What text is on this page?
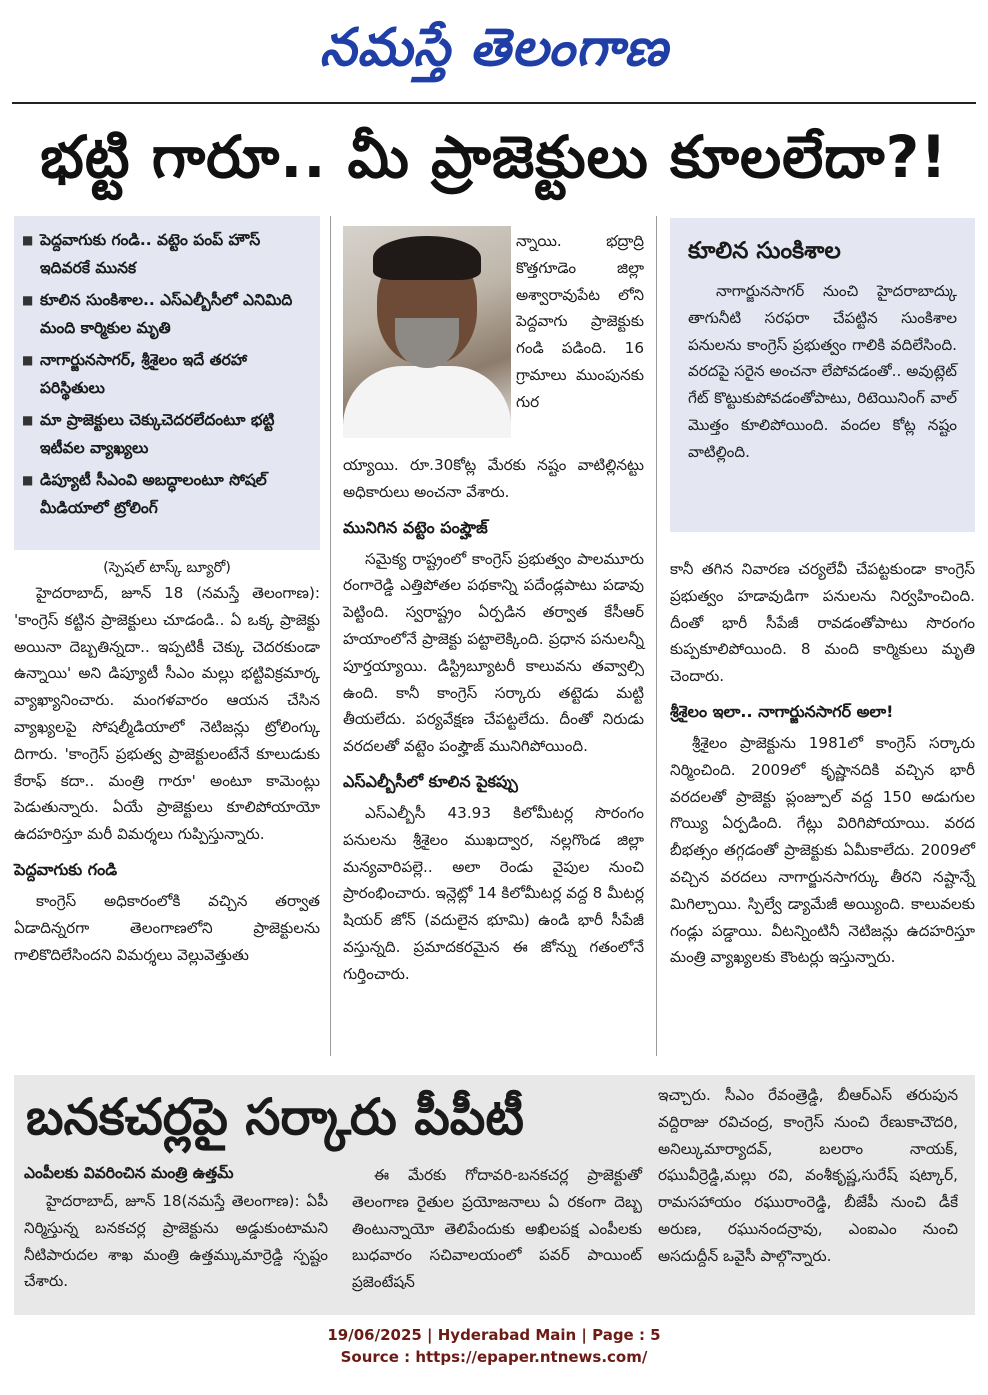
నమస్తే తెలంగాణ
భట్టి గారూ.. మీ ప్రాజెక్టులు కూలలేదా?!
■ పెద్దవాగుకు గండి.. వట్టెం పంప్ హౌస్ ఇదివరకే మునక
■ కూలిన సుంకిశాల.. ఎస్ఎల్బీసీలో ఎనిమిది మంది కార్మికుల మృతి
■ నాగార్జునసాగర్, శ్రీశైలం ఇదే తరహా పరిస్థితులు
■ మా ప్రాజెక్టులు చెక్కుచెదరలేదంటూ భట్టి ఇటీవల వ్యాఖ్యలు
■ డిప్యూటీ సీఎంవి అబద్ధాలంటూ సోషల్ మీడియాలో ట్రోలింగ్

(స్పెషల్ టాస్క్ బ్యూరో)

హైదరాబాద్, జూన్ 18 (నమస్తే తెలంగాణ): 'కాంగ్రెస్ కట్టిన ప్రాజెక్టులు చూడండి.. ఏ ఒక్క ప్రాజెక్టు అయినా దెబ్బతిన్నదా.. ఇప్పటికీ చెక్కు చెదరకుండా ఉన్నాయి' అని డిప్యూటీ సీఎం మల్లు భట్టివిక్రమార్క వ్యాఖ్యానించారు. మంగళవారం ఆయన చేసిన వ్యాఖ్యలపై సోషల్మీడియాలో నెటిజన్లు ట్రోలింగ్కు దిగారు. 'కాంగ్రెస్ ప్రభుత్వ ప్రాజెక్టులంటేనే కూలుడుకు కేరాఫ్ కదా.. మంత్రి గారూ' అంటూ కామెంట్లు పెడుతున్నారు. ఏయే ప్రాజెక్టులు కూలిపోయాయో ఉదహరిస్తూ మరీ విమర్శలు గుప్పిస్తున్నారు.

పెద్దవాగుకు గండి

కాంగ్రెస్ అధికారంలోకి వచ్చిన తర్వాత ఏడాదిన్నరగా తెలంగాణలోని ప్రాజెక్టులను గాలికొదిలేసిందని విమర్శలు వెల్లువెత్తుతు

న్నాయి. భద్రాద్రి కొత్తగూడెం జిల్లా అశ్వారావుపేట లోని పెద్దవాగు ప్రాజెక్టుకు గండి పడింది. 16 గ్రామాలు ముంపునకు గుర

య్యాయి. రూ.30కోట్ల మేరకు నష్టం వాటిల్లినట్టు అధికారులు అంచనా వేశారు.

మునిగిన వట్టెం పంప్హౌజ్

సమైక్య రాష్ట్రంలో కాంగ్రెస్ ప్రభుత్వం పాలమూరు రంగారెడ్డి ఎత్తిపోతల పథకాన్ని పదేండ్లపాటు పడావు పెట్టింది. స్వరాష్ట్రం ఏర్పడిన తర్వాత కేసీఆర్ హయాంలోనే ప్రాజెక్టు పట్టాలెక్కింది. ప్రధాన పనులన్నీ పూర్తయ్యాయి. డిస్ట్రిబ్యూటరీ కాలువను తవ్వాల్సి ఉంది. కానీ కాంగ్రెస్ సర్కారు తట్టెడు మట్టి తీయలేదు. పర్యవేక్షణ చేపట్టలేదు. దీంతో నిరుడు వరదలతో వట్టెం పంప్హౌజ్ మునిగిపోయింది.

ఎస్ఎల్బీసీలో కూలిన పైకప్పు

ఎస్ఎల్బీసీ 43.93 కిలోమీటర్ల సొరంగం పనులను శ్రీశైలం ముఖద్వార, నల్లగొండ జిల్లా మన్యవారిపల్లె.. అలా రెండు వైపుల నుంచి ప్రారంభించారు. ఇన్లెట్లో 14 కిలోమీటర్ల వద్ద 8 మీటర్ల షియర్ జోన్ (వదులైన భూమి) ఉండి భారీ సీపేజీ వస్తున్నది. ప్రమాదకరమైన ఈ జోన్ను గతంలోనే గుర్తించారు.

కూలిన సుంకిశాల

నాగార్జునసాగర్ నుంచి హైదరాబాద్కు తాగునీటి సరఫరా చేపట్టిన సుంకిశాల పనులను కాంగ్రెస్ ప్రభుత్వం గాలికి వదిలేసింది. వరదపై సరైన అంచనా లేపోవడంతో.. అవుట్లెట్ గేట్ కొట్టుకుపోవడంతోపాటు, రిటెయినింగ్ వాల్ మొత్తం కూలిపోయింది. వందల కోట్ల నష్టం వాటిల్లింది.

కానీ తగిన నివారణ చర్యలేవీ చేపట్టకుండా కాంగ్రెస్ ప్రభుత్వం హడావుడిగా పనులను నిర్వహించింది. దీంతో భారీ సీపేజీ రావడంతోపాటు సొరంగం కుప్పకూలిపోయింది. 8 మంది కార్మికులు మృతి చెందారు.

శ్రీశైలం ఇలా.. నాగార్జునసాగర్ అలా!

శ్రీశైలం ప్రాజెక్టును 1981లో కాంగ్రెస్ సర్కారు నిర్మించింది. 2009లో కృష్ణానదికి వచ్చిన భారీ వరదలతో ప్రాజెక్టు ప్లంజ్పూల్ వద్ద 150 అడుగుల గొయ్యి ఏర్పడింది. గేట్లు విరిగిపోయాయి. వరద బీభత్సం తగ్గడంతో ప్రాజెక్టుకు ఏమీకాలేదు. 2009లో వచ్చిన వరదలు నాగార్జునసాగర్కు తీరని నష్టాన్నే మిగిల్చాయి. స్పిల్వే డ్యామేజీ అయ్యింది. కాలువలకు గండ్లు పడ్డాయి. వీటన్నింటినీ నెటిజన్లు ఉదహరిస్తూ మంత్రి వ్యాఖ్యలకు కౌంటర్లు ఇస్తున్నారు.

బనకచర్లపై సర్కారు పీపీటీ
ఎంపీలకు వివరించిన మంత్రి ఉత్తమ్

హైదరాబాద్, జూన్ 18(నమస్తే తెలంగాణ): ఏపీ నిర్మిస్తున్న బనకచర్ల ప్రాజెక్టును అడ్డుకుంటామని నీటిపారుదల శాఖ మంత్రి ఉత్తమ్కుమార్రెడ్డి స్పష్టం చేశారు.

ఈ మేరకు గోదావరి-బనకచర్ల ప్రాజెక్టుతో తెలంగాణ రైతుల ప్రయోజనాలు ఏ రకంగా దెబ్బ తింటున్నాయో తెలిపేందుకు అఖిలపక్ష ఎంపీలకు బుధవారం సచివాలయంలో పవర్ పాయింట్ ప్రజెంటేషన్

ఇచ్చారు. సీఎం రేవంత్రెడ్డి, బీఆర్ఎస్ తరుపున వద్దిరాజు రవిచంద్ర, కాంగ్రెస్ నుంచి రేణుకాచౌదరి, అనిల్కుమార్యాదవ్, బలరాం నాయక్, రఘువీర్రెడ్డి,మల్లు రవి, వంశీకృష్ణ,సురేష్ షట్కార్, రామసహాయం రఘురాంరెడ్డి, బీజేపీ నుంచి డీకే అరుణ, రఘునందన్రావు, ఎంఐఎం నుంచి అసదుద్దీన్ ఒవైసీ పాల్గొన్నారు.

19/06/2025 | Hyderabad Main | Page : 5
Source : https://epaper.ntnews.com/
